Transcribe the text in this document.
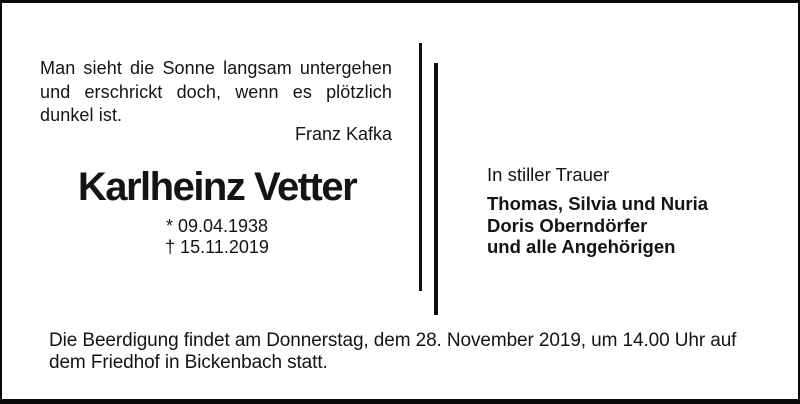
Man sieht die Sonne langsam untergehen
und erschrickt doch, wenn es plötzlich
dunkel ist.
Franz Kafka
Karlheinz Vetter
* 09.04.1938
† 15.11.2019
In stiller Trauer
Thomas, Silvia und Nuria
Doris Oberndörfer
und alle Angehörigen
Die Beerdigung findet am Donnerstag, dem 28. November 2019, um 14.00 Uhr auf
dem Friedhof in Bickenbach statt.
